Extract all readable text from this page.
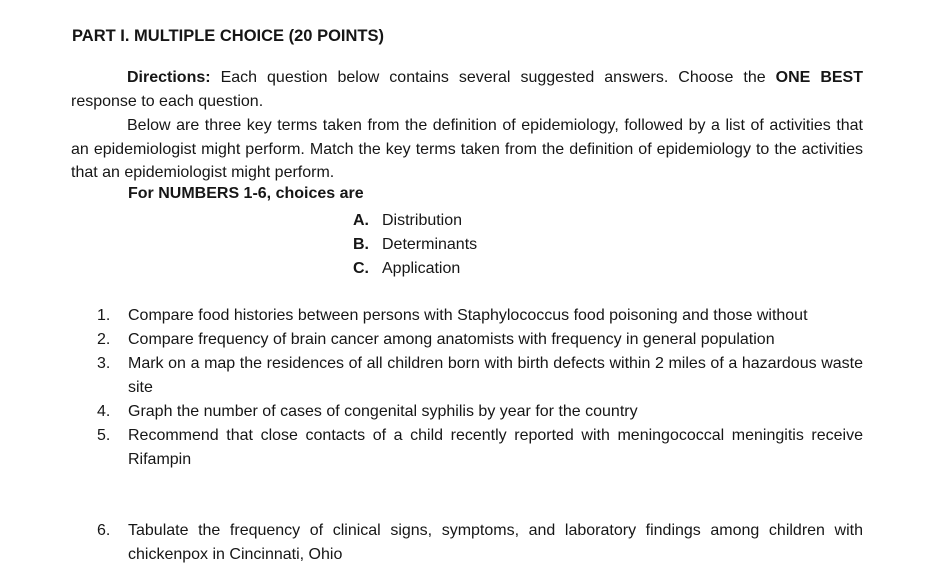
PART I. MULTIPLE CHOICE (20 POINTS)

Directions: Each question below contains several suggested answers. Choose the ONE BEST response to each question.

Below are three key terms taken from the definition of epidemiology, followed by a list of activities that an epidemiologist might perform. Match the key terms taken from the definition of epidemiology to the activities that an epidemiologist might perform.

For NUMBERS 1-6, choices are

A. Distribution
B. Determinants
C. Application
1.	Compare food histories between persons with Staphylococcus food poisoning and those without
2.	Compare frequency of brain cancer among anatomists with frequency in general population
3.	Mark on a map the residences of all children born with birth defects within 2 miles of a hazardous waste site
4.	Graph the number of cases of congenital syphilis by year for the country
5.	Recommend that close contacts of a child recently reported with meningococcal meningitis receive Rifampin
6.	Tabulate the frequency of clinical signs, symptoms, and laboratory findings among children with chickenpox in Cincinnati, Ohio
